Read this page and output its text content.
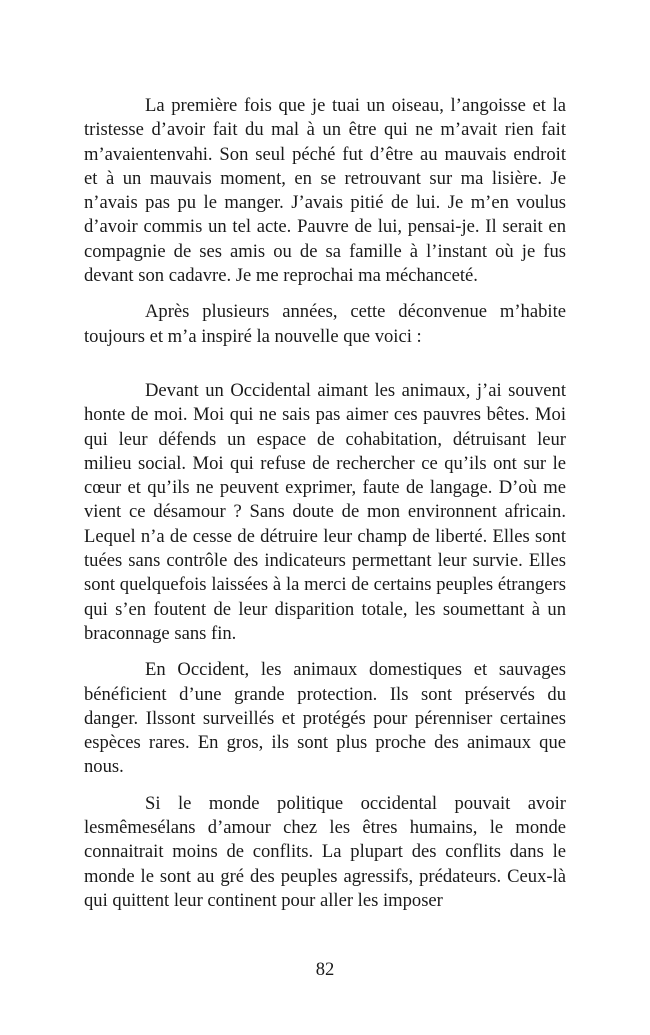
La première fois que je tuai un oiseau, l’angoisse et la tristesse d’avoir fait du mal à un être qui ne m’avait rien fait m’avaientenvahi. Son seul péché fut d’être au mauvais endroit et à un mauvais moment, en se retrouvant sur ma lisière. Je n’avais pas pu le manger. J’avais pitié de lui. Je m’en voulus d’avoir commis un tel acte. Pauvre de lui, pensai-je. Il serait en compagnie de ses amis ou de sa famille à l’instant où je fus devant son cadavre. Je me reprochai ma méchanceté.

Après plusieurs années, cette déconvenue m’habite toujours et m’a inspiré la nouvelle que voici :

Devant un Occidental aimant les animaux, j’ai souvent honte de moi. Moi qui ne sais pas aimer ces pauvres bêtes. Moi qui leur défends un espace de cohabitation, détruisant leur milieu social. Moi qui refuse de rechercher ce qu’ils ont sur le cœur et qu’ils ne peuvent exprimer, faute de langage. D’où me vient ce désamour ? Sans doute de mon environnent africain. Lequel n’a de cesse de détruire leur champ de liberté. Elles sont tuées sans contrôle des indicateurs permettant leur survie. Elles sont quelquefois laissées à la merci de certains peuples étrangers qui s’en foutent de leur disparition totale, les soumettant à un braconnage sans fin.

En Occident, les animaux domestiques et sauvages bénéficient d’une grande protection. Ils sont préservés du danger. Ilssont surveillés et protégés pour pérenniser certaines espèces rares. En gros, ils sont plus proche des animaux que nous.

Si le monde politique occidental pouvait avoir lesmêmesélans d’amour chez les êtres humains, le monde connaitrait moins de conflits. La plupart des conflits dans le monde le sont au gré des peuples agressifs, prédateurs. Ceux-là qui quittent leur continent pour aller les imposer

82
